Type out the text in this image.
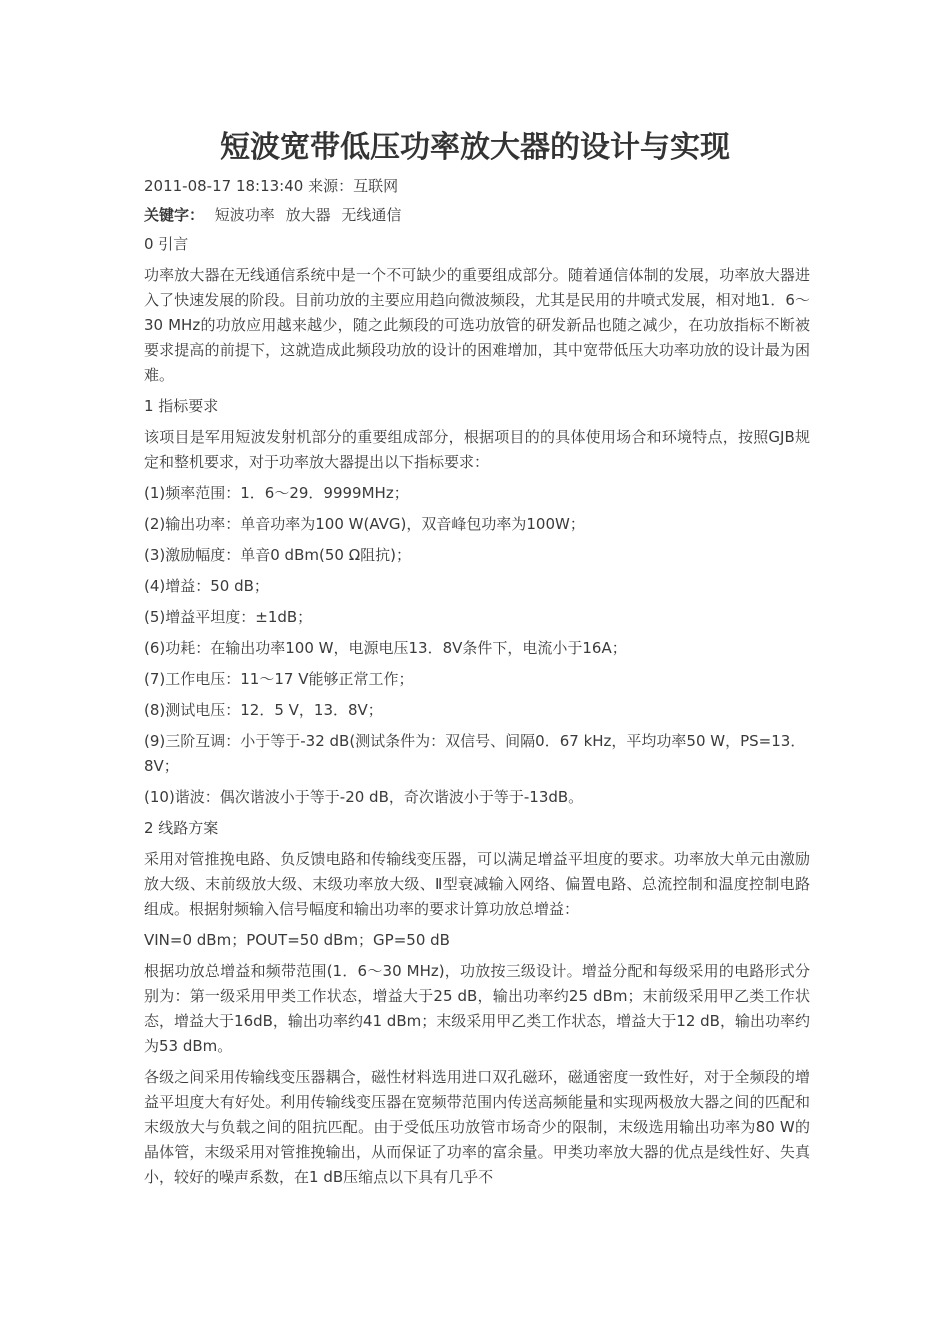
短波宽带低压功率放大器的设计与实现

2011-08-17 18:13:40 来源：互联网

关键字： 短波功率 放大器 无线通信

0 引言

功率放大器在无线通信系统中是一个不可缺少的重要组成部分。随着通信体制的发展，功率放大器进入了快速发展的阶段。目前功放的主要应用趋向微波频段，尤其是民用的井喷式发展，相对地1．6～30 MHz的功放应用越来越少，随之此频段的可选功放管的研发新品也随之减少，在功放指标不断被要求提高的前提下，这就造成此频段功放的设计的困难增加，其中宽带低压大功率功放的设计最为困难。

1 指标要求

该项目是军用短波发射机部分的重要组成部分，根据项目的的具体使用场合和环境特点，按照GJB规定和整机要求，对于功率放大器提出以下指标要求：

(1)频率范围：1．6～29．9999MHz；

(2)输出功率：单音功率为100 W(AVG)，双音峰包功率为100W；

(3)激励幅度：单音0 dBm(50 Ω阻抗)；

(4)增益：50 dB；

(5)增益平坦度：±1dB；

(6)功耗：在输出功率100 W，电源电压13．8V条件下，电流小于16A；

(7)工作电压：11～17 V能够正常工作；

(8)测试电压：12．5 V，13．8V；

(9)三阶互调：小于等于-32 dB(测试条件为：双信号、间隔0．67 kHz，平均功率50 W，PS=13．8V；

(10)谐波：偶次谐波小于等于-20 dB，奇次谐波小于等于-13dB。

2 线路方案

采用对管推挽电路、负反馈电路和传输线变压器，可以满足增益平坦度的要求。功率放大单元由激励放大级、末前级放大级、末级功率放大级、Ⅱ型衰减输入网络、偏置电路、总流控制和温度控制电路组成。根据射频输入信号幅度和输出功率的要求计算功放总增益：

VIN=0 dBm；POUT=50 dBm；GP=50 dB

根据功放总增益和频带范围(1．6～30 MHz)，功放按三级设计。增益分配和每级采用的电路形式分别为：第一级采用甲类工作状态，增益大于25 dB，输出功率约25 dBm；末前级采用甲乙类工作状态，增益大于16dB，输出功率约41 dBm；末级采用甲乙类工作状态，增益大于12 dB，输出功率约为53 dBm。

各级之间采用传输线变压器耦合，磁性材料选用进口双孔磁环，磁通密度一致性好，对于全频段的增益平坦度大有好处。利用传输线变压器在宽频带范围内传送高频能量和实现两极放大器之间的匹配和末级放大与负载之间的阻抗匹配。由于受低压功放管市场奇少的限制，末级选用输出功率为80 W的晶体管，末级采用对管推挽输出，从而保证了功率的富余量。甲类功率放大器的优点是线性好、失真小，较好的噪声系数，在1 dB压缩点以下具有几乎不
